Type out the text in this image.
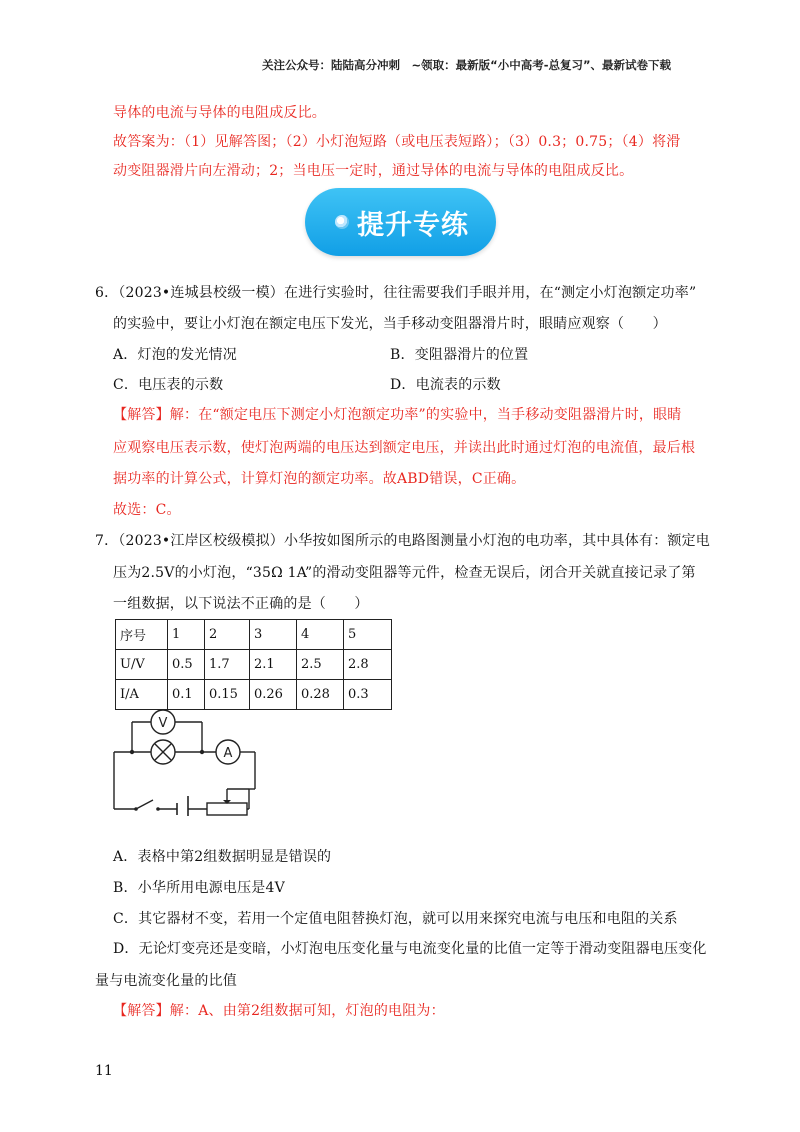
关注公众号：陆陆高分冲刺　~领取：最新版“小中高考-总复习”、最新试卷下载
导体的电流与导体的电阻成反比。
故答案为：（1）见解答图；（2）小灯泡短路（或电压表短路）；（3）0.3；0.75；（4）将滑
动变阻器滑片向左滑动；2；当电压一定时，通过导体的电流与导体的电阻成反比。
提升专练
6．（2023•连城县校级一模）在进行实验时，往往需要我们手眼并用，在“测定小灯泡额定功率”
的实验中，要让小灯泡在额定电压下发光，当手移动变阻器滑片时，眼睛应观察（　　）
A．灯泡的发光情况	B．变阻器滑片的位置
C．电压表的示数	D．电流表的示数
【解答】解：在“额定电压下测定小灯泡额定功率”的实验中，当手移动变阻器滑片时，眼睛
应观察电压表示数，使灯泡两端的电压达到额定电压，并读出此时通过灯泡的电流值，最后根
据功率的计算公式，计算灯泡的额定功率。故ABD错误，C正确。
故选：C。
7．（2023•江岸区校级模拟）小华按如图所示的电路图测量小灯泡的电功率，其中具体有：额定电
压为2.5V的小灯泡，“35Ω 1A”的滑动变阻器等元件，检查无误后，闭合开关就直接记录了第
一组数据，以下说法不正确的是（　　）
序号	1	2	3	4	5
U/V	0.5	1.7	2.1	2.5	2.8
I/A	0.1	0.15	0.26	0.28	0.3
V
A
A．表格中第2组数据明显是错误的
B．小华所用电源电压是4V
C．其它器材不变，若用一个定值电阻替换灯泡，就可以用来探究电流与电压和电阻的关系
D．无论灯变亮还是变暗，小灯泡电压变化量与电流变化量的比值一定等于滑动变阻器电压变化
量与电流变化量的比值
【解答】解：A、由第2组数据可知，灯泡的电阻为：
11
